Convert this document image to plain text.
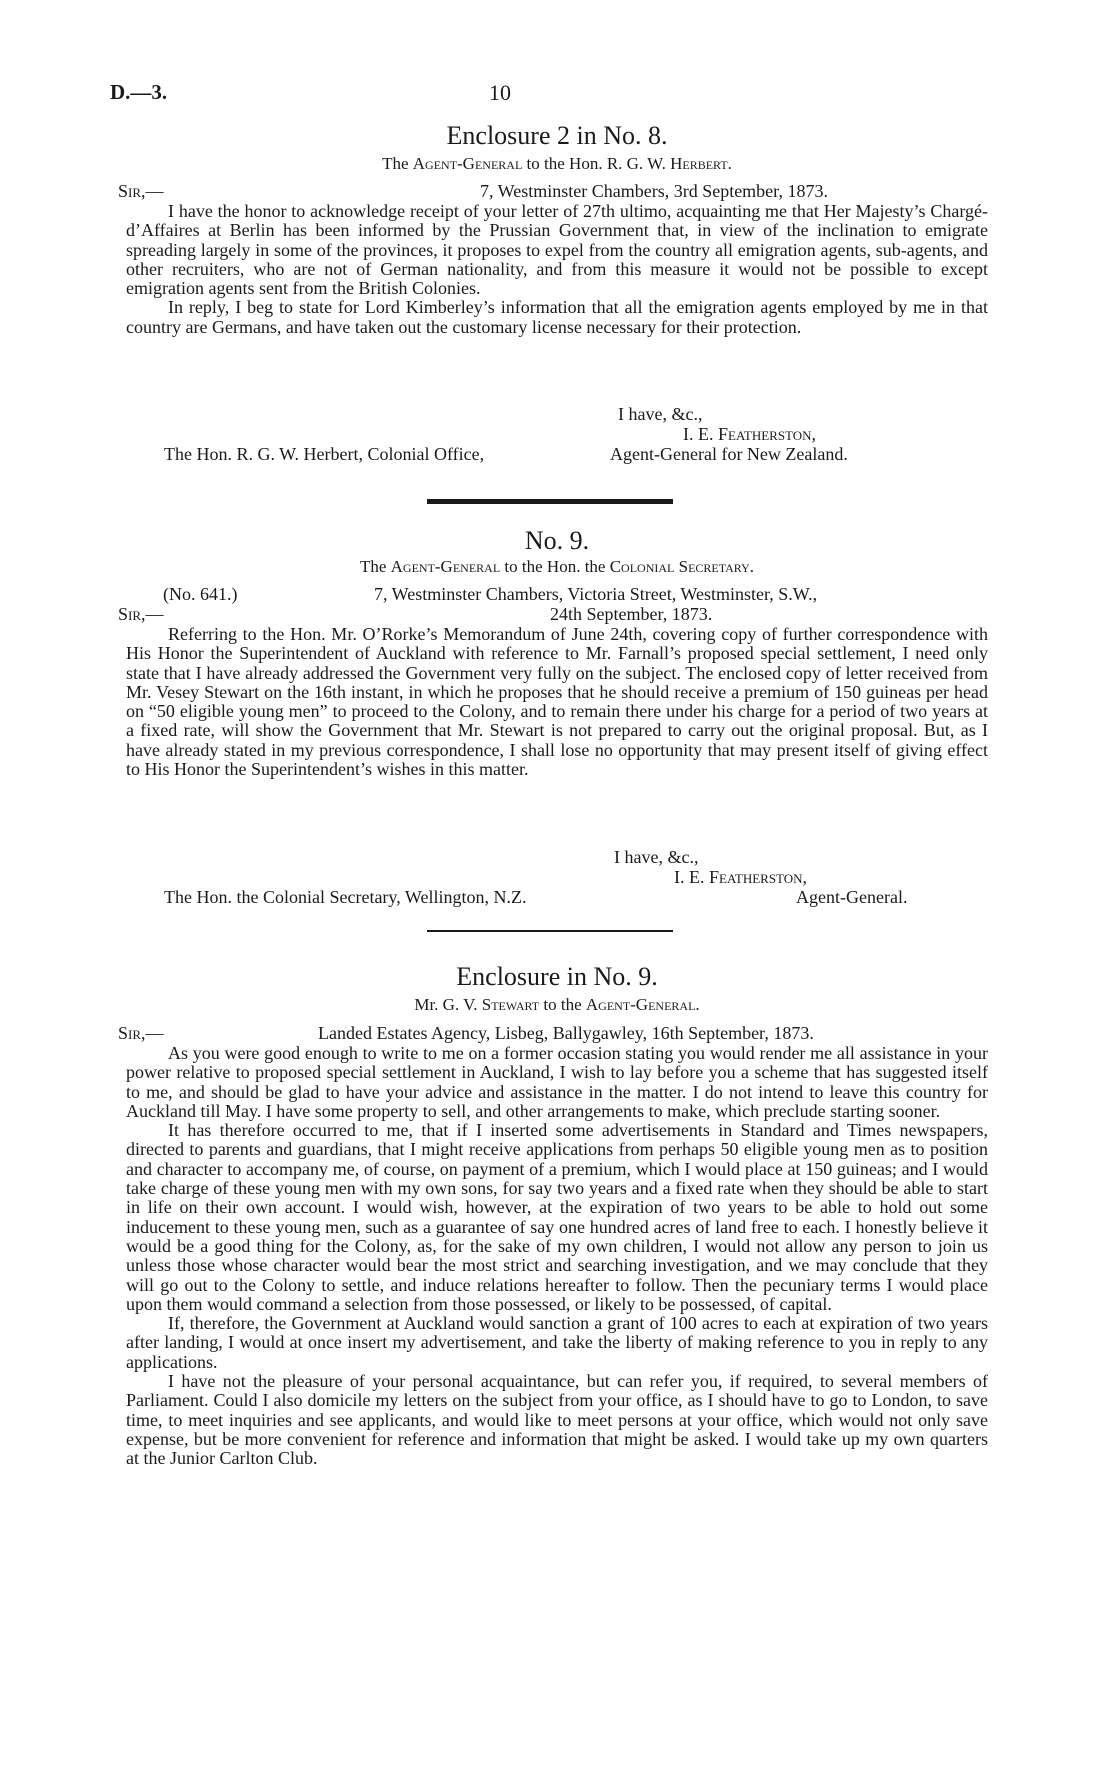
D.—3.	10
Enclosure 2 in No. 8.
The Agent-General to the Hon. R. G. W. Herbert.
Sir,—	7, Westminster Chambers, 3rd September, 1873.

I have the honor to acknowledge receipt of your letter of 27th ultimo, acquainting me that Her Majesty’s Chargé-d’Affaires at Berlin has been informed by the Prussian Government that, in view of the inclination to emigrate spreading largely in some of the provinces, it proposes to expel from the country all emigration agents, sub-agents, and other recruiters, who are not of German nationality, and from this measure it would not be possible to except emigration agents sent from the British Colonies.

In reply, I beg to state for Lord Kimberley’s information that all the emigration agents employed by me in that country are Germans, and have taken out the customary license necessary for their protection.

I have, &c.,
I. E. Featherston,
The Hon. R. G. W. Herbert, Colonial Office,	Agent-General for New Zealand.
No. 9.
The Agent-General to the Hon. the Colonial Secretary.
(No. 641.)	7, Westminster Chambers, Victoria Street, Westminster, S.W.,
Sir,—	24th September, 1873.

Referring to the Hon. Mr. O’Rorke’s Memorandum of June 24th, covering copy of further correspondence with His Honor the Superintendent of Auckland with reference to Mr. Farnall’s proposed special settlement, I need only state that I have already addressed the Government very fully on the subject. The enclosed copy of letter received from Mr. Vesey Stewart on the 16th instant, in which he proposes that he should receive a premium of 150 guineas per head on “50 eligible young men” to proceed to the Colony, and to remain there under his charge for a period of two years at a fixed rate, will show the Government that Mr. Stewart is not prepared to carry out the original proposal. But, as I have already stated in my previous correspondence, I shall lose no opportunity that may present itself of giving effect to His Honor the Superintendent’s wishes in this matter.

I have, &c.,
I. E. Featherston,
The Hon. the Colonial Secretary, Wellington, N.Z.	Agent-General.
Enclosure in No. 9.
Mr. G. V. Stewart to the Agent-General.
Sir,—	Landed Estates Agency, Lisbeg, Ballygawley, 16th September, 1873.

As you were good enough to write to me on a former occasion stating you would render me all assistance in your power relative to proposed special settlement in Auckland, I wish to lay before you a scheme that has suggested itself to me, and should be glad to have your advice and assistance in the matter. I do not intend to leave this country for Auckland till May. I have some property to sell, and other arrangements to make, which preclude starting sooner.

It has therefore occurred to me, that if I inserted some advertisements in Standard and Times newspapers, directed to parents and guardians, that I might receive applications from perhaps 50 eligible young men as to position and character to accompany me, of course, on payment of a premium, which I would place at 150 guineas; and I would take charge of these young men with my own sons, for say two years and a fixed rate when they should be able to start in life on their own account. I would wish, however, at the expiration of two years to be able to hold out some inducement to these young men, such as a guarantee of say one hundred acres of land free to each. I honestly believe it would be a good thing for the Colony, as, for the sake of my own children, I would not allow any person to join us unless those whose character would bear the most strict and searching investigation, and we may conclude that they will go out to the Colony to settle, and induce relations hereafter to follow. Then the pecuniary terms I would place upon them would command a selection from those possessed, or likely to be possessed, of capital.

If, therefore, the Government at Auckland would sanction a grant of 100 acres to each at expiration of two years after landing, I would at once insert my advertisement, and take the liberty of making reference to you in reply to any applications.

I have not the pleasure of your personal acquaintance, but can refer you, if required, to several members of Parliament. Could I also domicile my letters on the subject from your office, as I should have to go to London, to save time, to meet inquiries and see applicants, and would like to meet persons at your office, which would not only save expense, but be more convenient for reference and information that might be asked. I would take up my own quarters at the Junior Carlton Club.
